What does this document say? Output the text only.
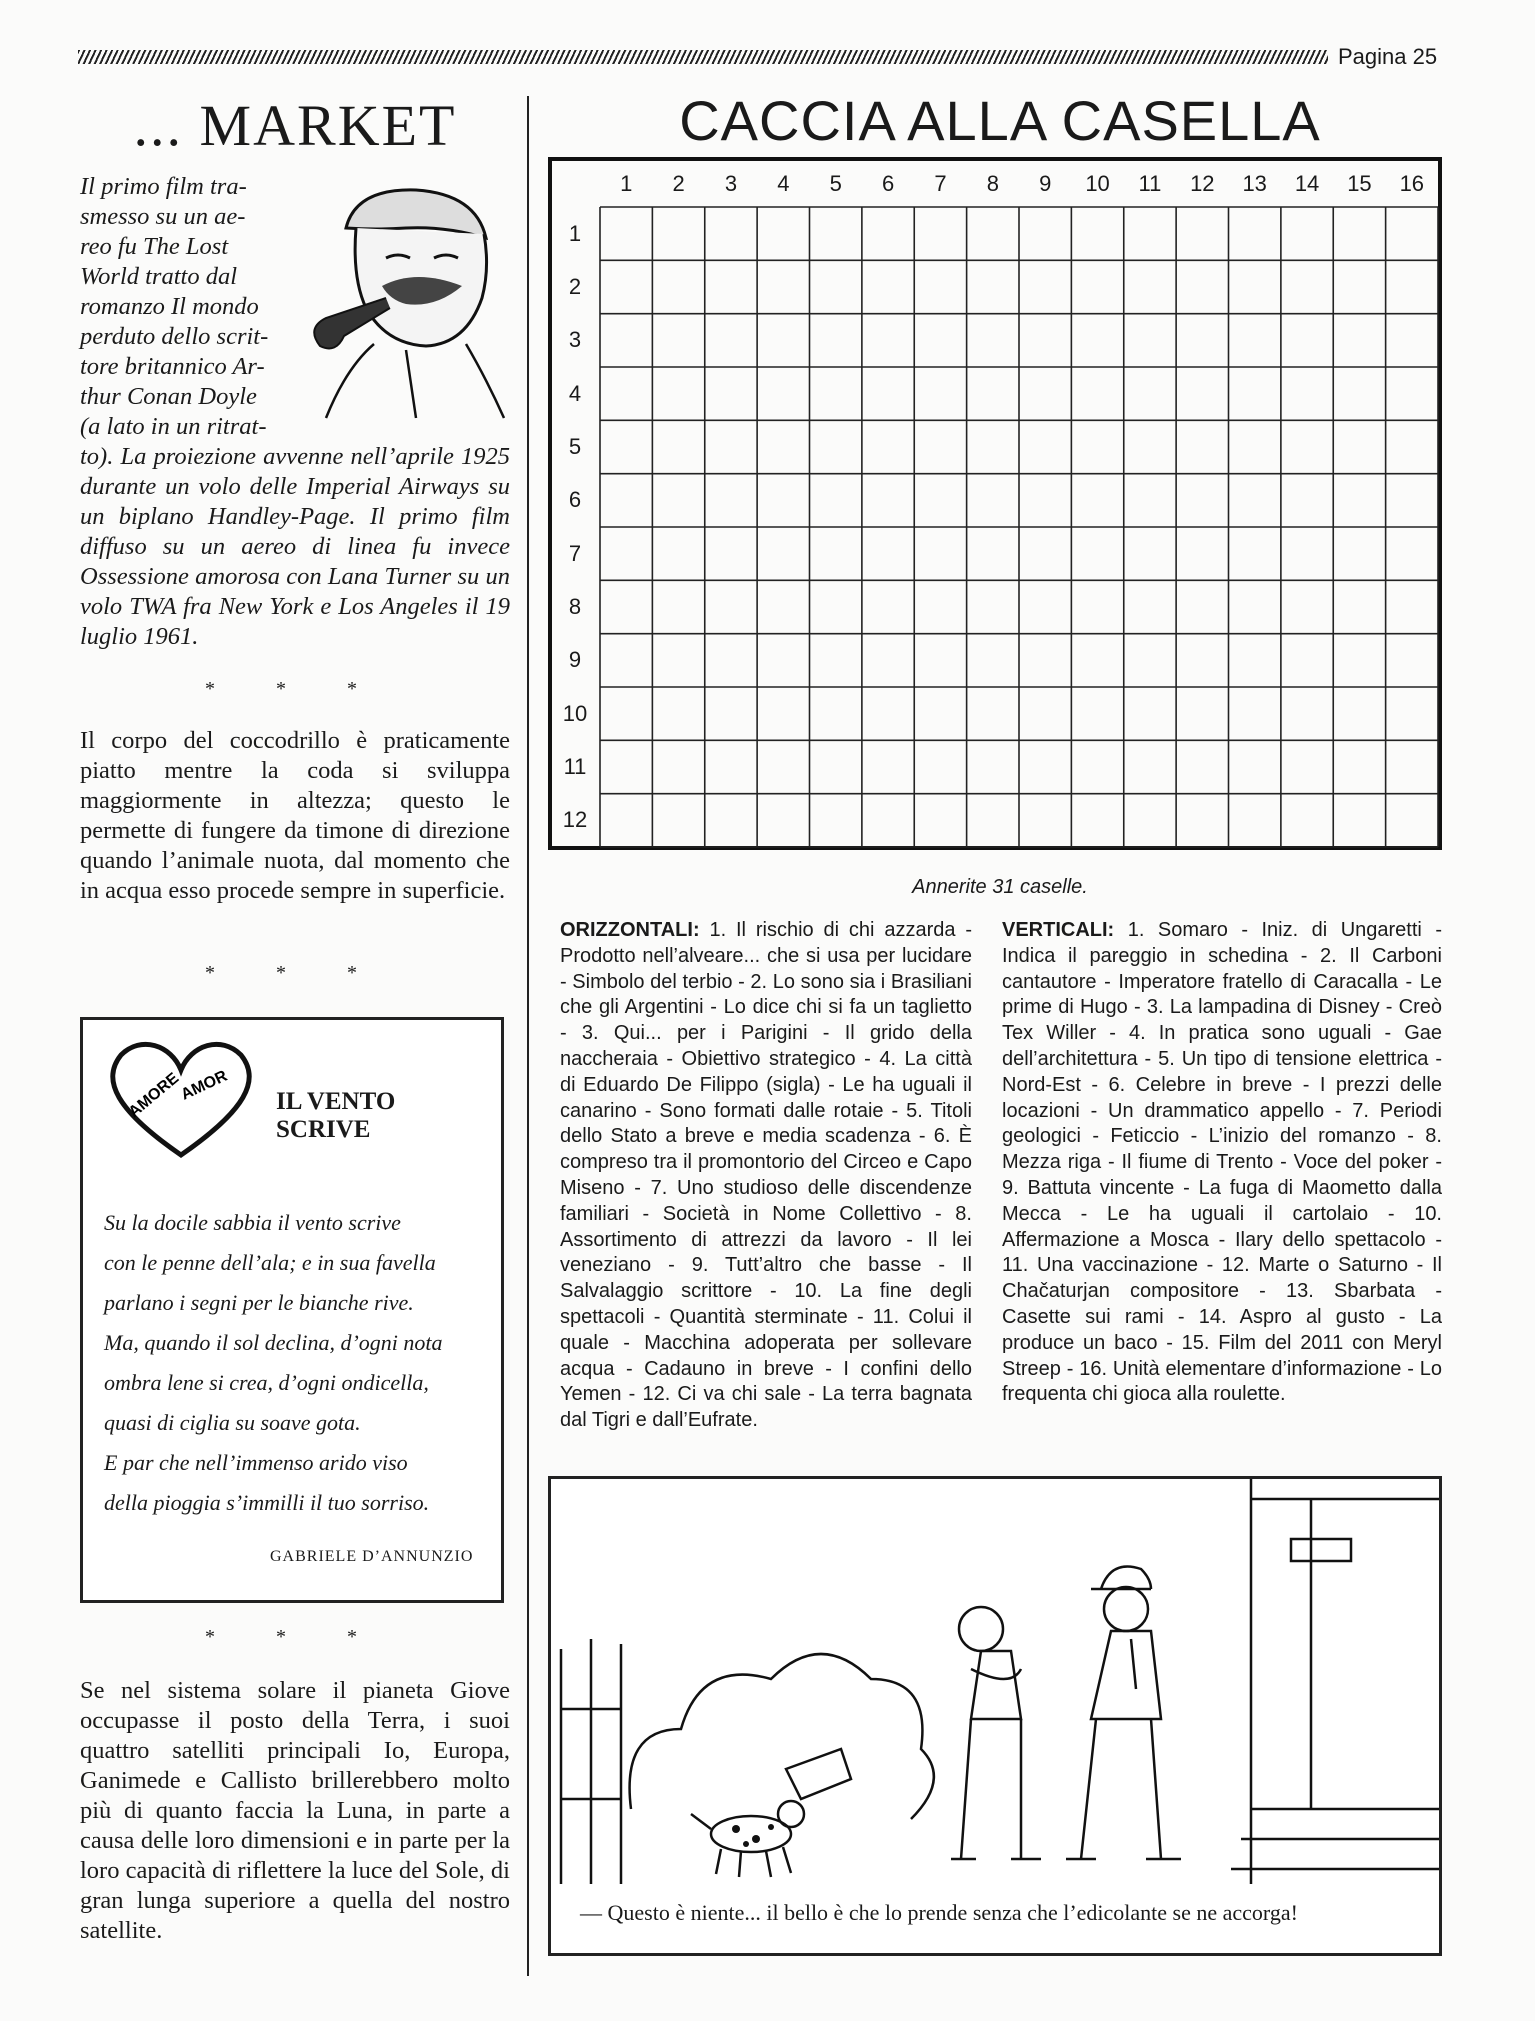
Pagina 25
... MARKET
Il primo film tra-
smesso su un ae-
reo fu The Lost
World tratto dal
romanzo Il mondo
perduto dello scrit-
tore britannico Ar-
thur Conan Doyle
(a lato in un ritrat-
to). La proiezione avvenne nell’aprile 1925 durante un volo delle Imperial Airways su un biplano Handley-Page. Il primo film diffuso su un aereo di linea fu invece Ossessione amorosa con Lana Turner su un volo TWA fra New York e Los Angeles il 19 luglio 1961.
* * *
Il corpo del coccodrillo è praticamente piatto mentre la coda si sviluppa maggiormente in altezza; questo le permette di fungere da timone di direzione quando l’animale nuota, dal momento che in acqua esso procede sempre in superficie.
* * *
AMORE
AMOR IL VENTO
SCRIVE
Su la docile sabbia il vento scrive
con le penne dell’ala; e in sua favella
parlano i segni per le bianche rive.
Ma, quando il sol declina, d’ogni nota
ombra lene si crea, d’ogni ondicella,
quasi di ciglia su soave gota.
E par che nell’immenso arido viso
della pioggia s’immilli il tuo sorriso.
GABRIELE D’ANNUNZIO
* * *
Se nel sistema solare il pianeta Giove occupasse il posto della Terra, i suoi quattro satelliti principali Io, Europa, Ganimede e Callisto brillerebbero molto più di quanto faccia la Luna, in parte a causa delle loro dimensioni e in parte per la loro capacità di riflettere la luce del Sole, di gran lunga superiore a quella del nostro satellite.
CACCIA ALLA CASELLA
1	2	3	4	5	6	7	8	9	10	11	12	13	14	15	16
1
2
3
4
5
6
7
8
9
10
11
12
Annerite 31 caselle.
ORIZZONTALI: 1. Il rischio di chi azzarda - Prodotto nell’alveare... che si usa per lucidare - Simbolo del terbio - 2. Lo sono sia i Brasiliani che gli Argentini - Lo dice chi si fa un taglietto - 3. Qui... per i Parigini - Il grido della naccheraia - Obiettivo strategico - 4. La città di Eduardo De Filippo (sigla) - Le ha uguali il canarino - Sono formati dalle rotaie - 5. Titoli dello Stato a breve e media scadenza - 6. È compreso tra il promontorio del Circeo e Capo Miseno - 7. Uno studioso delle discendenze familiari - Società in Nome Collettivo - 8. Assortimento di attrezzi da lavoro - Il lei veneziano - 9. Tutt’altro che basse - Il Salvalaggio scrittore - 10. La fine degli spettacoli - Quantità sterminate - 11. Colui il quale - Macchina adoperata per sollevare acqua - Cadauno in breve - I confini dello Yemen - 12. Ci va chi sale - La terra bagnata dal Tigri e dall’Eufrate.
VERTICALI: 1. Somaro - Iniz. di Ungaretti - Indica il pareggio in schedina - 2. Il Carboni cantautore - Imperatore fratello di Caracalla - Le prime di Hugo - 3. La lampadina di Disney - Creò Tex Willer - 4. In pratica sono uguali - Gae dell’architettura - 5. Un tipo di tensione elettrica - Nord-Est - 6. Celebre in breve - I prezzi delle locazioni - Un drammatico appello - 7. Periodi geologici - Feticcio - L’inizio del romanzo - 8. Mezza riga - Il fiume di Trento - Voce del poker - 9. Battuta vincente - La fuga di Maometto dalla Mecca - Le ha uguali il cartolaio - 10. Affermazione a Mosca - Ilary dello spettacolo - 11. Una vaccinazione - 12. Marte o Saturno - Il Chačaturjan compositore - 13. Sbarbata - Casette sui rami - 14. Aspro al gusto - La produce un baco - 15. Film del 2011 con Meryl Streep - 16. Unità elementare d’informazione - Lo frequenta chi gioca alla roulette.
— Questo è niente... il bello è che lo prende senza che l’edicolante se ne accorga!
